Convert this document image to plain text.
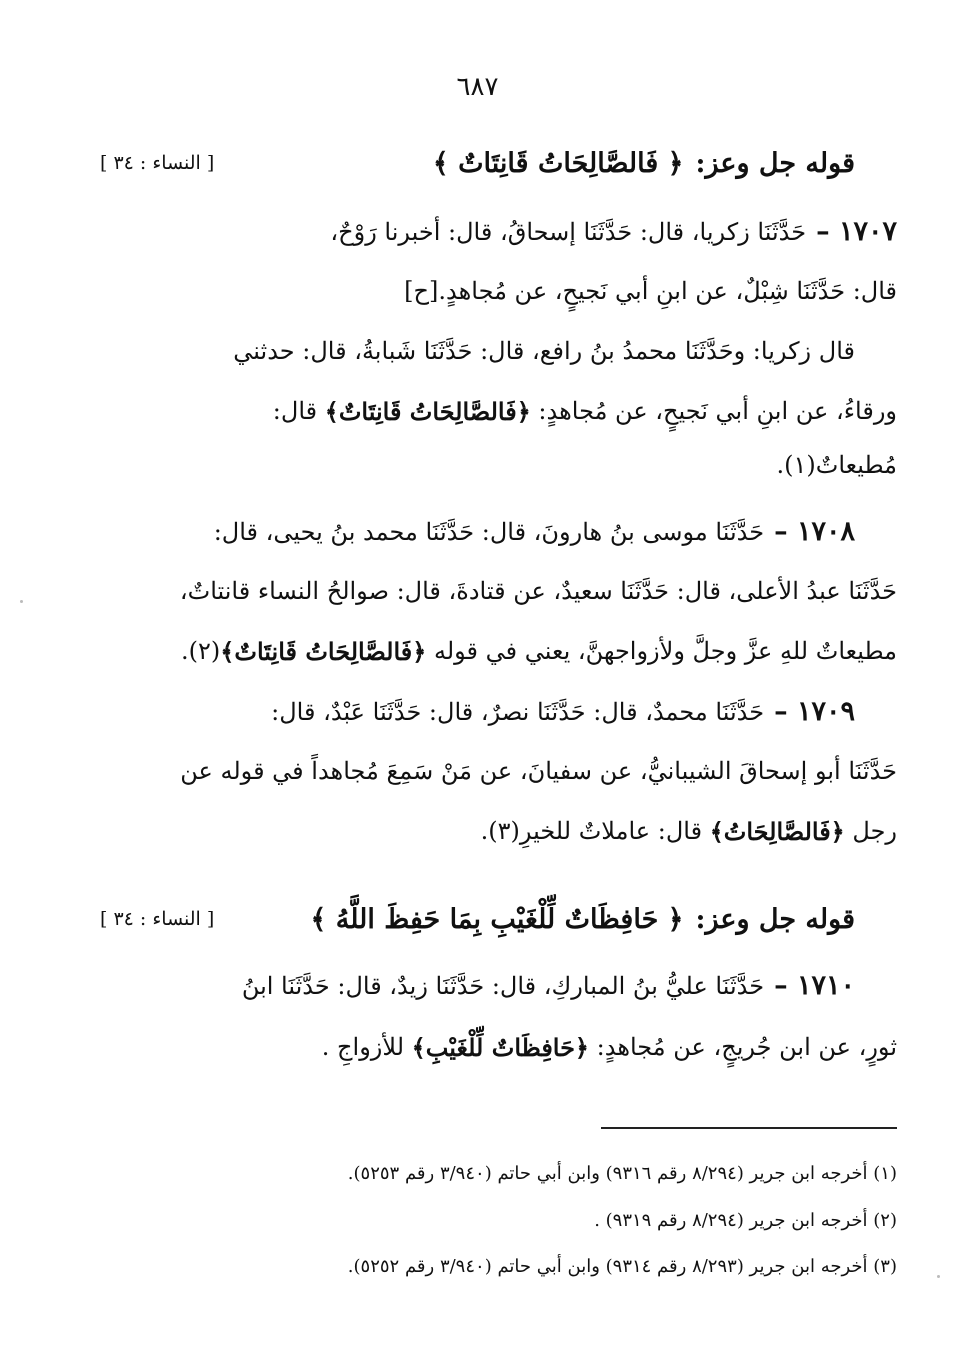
٦٨٧
قوله جل وعز:
﴿ فَالصَّالِحَاتُ قَانِتَاتٌ ﴾
[ النساء : ٣٤ ]
١٧٠٧ –حَدَّثَنَا زكريا، قال: حَدَّثَنَا إسحاقُ، قال: أخبرنا رَوْحٌ،
قال: حَدَّثَنَا شِبْلٌ، عن ابنِ أبي نَجيحٍ، عن مُجاهدٍ.[ح]
قال زكريا: وحَدَّثَنَا محمدُ بنُ رافع، قال: حَدَّثَنَا شَبابةُ، قال: حدثني
ورقاءُ، عن ابنِ أبي نَجيحٍ، عن مُجاهدٍ:

﴿فَالصَّالِحَاتُ قَانِتَاتٌ﴾

قال:
مُطيعاتٌ(١).
١٧٠٨ –حَدَّثَنَا موسى بنُ هارونَ، قال: حَدَّثَنَا محمد بنُ يحيى، قال:
حَدَّثَنَا عبدُ الأعلى، قال: حَدَّثَنَا سعيدٌ، عن قتادةَ، قال: صوالحُ النساء قانتاتٌ،
مطيعاتٌ للهِ عزَّ وجلَّ ولأزواجهنَّ، يعني في قوله

﴿فَالصَّالِحَاتُ قَانِتَاتٌ﴾
(٢).
١٧٠٩ –حَدَّثَنَا محمدٌ، قال: حَدَّثَنَا نصرٌ، قال: حَدَّثَنَا عَبْدٌ، قال:
حَدَّثَنَا أبو إسحاقَ الشيبانيُّ، عن سفيانَ، عن مَنْ سَمِعَ مُجاهداً في قوله عن
رجل

﴿فَالصَّالِحَاتُ﴾

قال: عاملاتٌ للخيرِ(٣).
قوله جل وعز:
﴿ حَافِظَاتٌ لِّلْغَيْبِ بِمَا حَفِظَ اللَّهُ ﴾
[ النساء : ٣٤ ]
١٧١٠ –حَدَّثَنَا عليُّ بنُ المباركِ، قال: حَدَّثَنَا زيدٌ، قال: حَدَّثَنَا ابنُ
ثورٍ، عن ابن جُريجٍ، عن مُجاهدٍ:

﴿حَافِظَاتٌ لِّلْغَيْبِ﴾

للأزواجِ .
(١) أخرجه ابن جرير (٨/٢٩٤ رقم ٩٣١٦) وابن أبي حاتم (٣/٩٤٠ رقم ٥٢٥٣).
(٢) أخرجه ابن جرير (٨/٢٩٤ رقم ٩٣١٩) .
(٣) أخرجه ابن جرير (٨/٢٩٣ رقم ٩٣١٤) وابن أبي حاتم (٣/٩٤٠ رقم ٥٢٥٢).
